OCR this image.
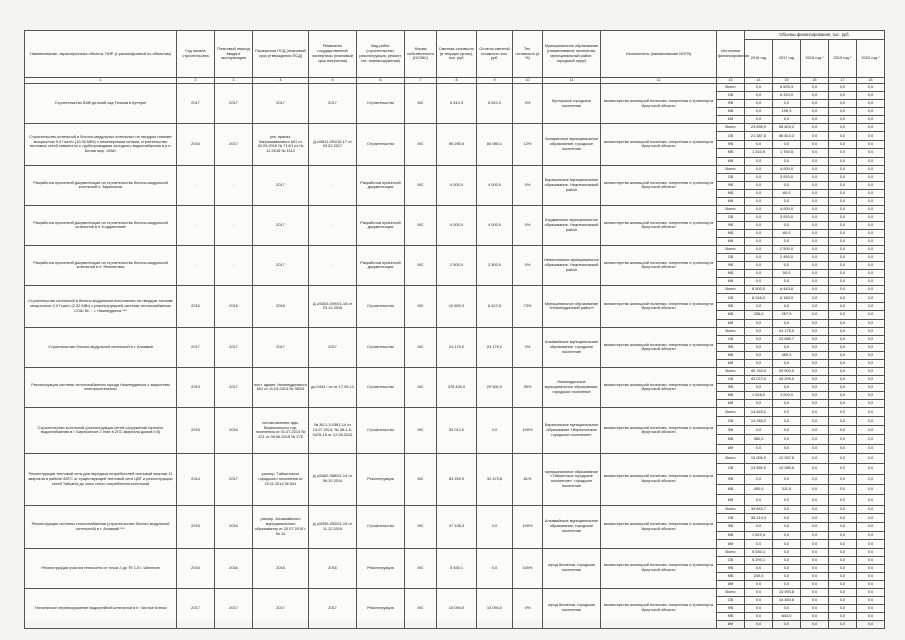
Наименование, характеристика объекта, ПИР (с расшифровкой по объектам)	Год начала строительства	Плановый период ввода в эксплуатацию	Показатели ПСД (плановый срок утверждения ПСД)	Реквизиты государственной экспертизы (плановый срок получения)	Вид работ (строительство, реконструкция, ремонт, тех. перевооружение)	Форма собственности (ОС/МС)	Сметная стоимость (в текущих ценах), тыс. руб.	Остаток сметной стоимости тыс. руб.	Тех. готовность (в %)	Муниципальное образование (наименование поселения, муниципальный район, городской округ)	Исполнитель (наименование ИОГВ)	Источники финансирования	Объемы финансирования, тыс. руб.				
													2016 год	2017 год	2018 год *	2019 год *	2020 год *
1	2	3	4	5	6	7	8	9	10	11	12	13	14	15	16	17	18
Строительство БМК детский сад Тельма в Култуке	2017	2017	2017	2017	Строительство	МС	6 510,3	6 510,3	0%	Култукское городское поселение	министерство жилищной политики, энергетики и транспорта Иркутской области	Всего	0,0	6 509,3	0,0	0,0	0,0
												ОБ	0,0	6 310,0	0,0	0,0	0,0
												ФБ	0,0	0,0	0,0	0,0	0,0
												МБ	0,0	195,3	0,0	0,0	0,0
												ИИ	0,0	0,0	0,0	0,0	0,0
Строительство котельной и блочно-модульных котельных на твердом топливе мощностью 9,0 Гкал/ч (10,46 МВт) с инженерными сетями, строительство тепловых сетей совместно с трубопроводами холодного водоснабжения в р.п. Белая мор. «БМ»	2016	2017	утв. приказ. Запрашиваемого МО от 30.09.2016 № 714/1 от № 12.2016 № 1113	Д-с/0811-091/16 17 от 03.02.2017	Строительство	МС	96 290,5	84 980,1	12%	Заларинское муниципальное образование, городское поселение	министерство жилищной политики, энергетики и транспорта Иркутской области	Всего	23 695,9	58 603,2	0,0	0,0	0,0
												ОБ	21 387,8	56 813,3	0,0	0,0	0,0
												ФБ	0,0	0,0	0,0	0,0	0,0
												МБ	1 310,9	1 760,5	0,0	0,0	0,0
												ИИ	0,0	0,0	0,0	0,0	0,0
Разработка проектной документации на строительство блочно-модульной котельной п. Бирюсинск	-	-	2017	-	Разработка проектной документации	МС	4 000,0	4 000,0	0%	Бирюсинское муниципальное образование, Нижнеиловский район	министерство жилищной политики, энергетики и транспорта Иркутской области	Всего	0,0	4 000,0	0,0	0,0	0,0
												ОБ	0,0	3 920,0	0,0	0,0	0,0
												ФБ	0,0	0,0	0,0	0,0	0,0
												МБ	0,0	80,0	0,0	0,0	0,0
												ИИ	0,0	0,0	0,0	0,0	0,0
Разработка проектной документации на строительство блочно-модульной котельной в п. Кордиинский	-	-	2017	-	Разработка проектной документации	МС	4 000,0	4 000,0	0%	Кордиинское муниципальное образование, Нижнеиловский район	министерство жилищной политики, энергетики и транспорта Иркутской области	Всего	0,0	4 000,0	0,0	0,0	0,0
												ОБ	0,0	3 920,0	0,0	0,0	0,0
												ФБ	0,0	0,0	0,0	0,0	0,0
												МБ	0,0	80,0	0,0	0,0	0,0
												ИИ	0,0	0,0	0,0	0,0	0,0
Разработка проектной документации на строительство блочно-модульной котельной в п. Невонтовск	-	-	2017	-	Разработка проектной документации	МС	2 500,0	2 500,0	0%	Невонтовское муниципальное образование, Нижнеиловский район	министерство жилищной политики, энергетики и транспорта Иркутской области	Всего	0,0	2 500,0	0,0	0,0	0,0
												ОБ	0,0	2 450,0	0,0	0,0	0,0
												ФБ	0,0	0,0	0,0	0,0	0,0
												МБ	0,0	50,0	0,0	0,0	0,0
												ИИ	0,0	0,0	0,0	0,0	0,0
Строительство котельной в блочно-модульном исполнении на твердом топливе мощностью 2,0 Гкал/ч (2,32 МВт) с реконструкцией системы теплоснабжения СОШ № ... г. Нижнеудинск ***	2016	2016	2016	Д-с/0403-049/01-16 от 23.12.2016	Строительство	МС	10 600,0	6 422,5	73%	Муниципальное образование «Нижнеудинский район»	министерство жилищной политики, энергетики и транспорта Иркутской области	Всего	8 500,0	6 443,8	0,0	0,0	0,0
												ОБ	8 245,0	6 185,9	0,0	0,0	0,0
												ФБ	0,0	0,0	0,0	0,0	0,0
												МБ	255,0	257,9	0,0	0,0	0,0
												ИИ	0,0	0,0	0,0	0,0	0,0
Строительство блочно-модульной котельной в г. Алзамай	2017	2017	2017	2017	Строительство	МС	24 175,0	24 175,0	0%	Алзамайское муниципальное образование, городское поселение	министерство жилищной политики, энергетики и транспорта Иркутской области	Всего	0,0	24 175,0	0,0	0,0	0,0
												ОБ	0,0	23 685,7	0,0	0,0	0,0
												ФБ	0,0	0,0	0,0	0,0	0,0
												МБ	0,0	489,3	0,0	0,0	0,0
												ИИ	0,0	0,0	0,0	0,0	0,0
Реконструкция системы теплоснабжения города Нижнеудинска с закрытием электрокотельных	2013	2017	пост. админ. Нижнеудинского МО от 11.03.2013 № 38/33	до 0434 / сп от 17.09.13	Строительство	МС	378 400,0	29 500,0	95%	Нижнеудинское муниципальное образование, городское поселение	министерство жилищной политики, энергетики и транспорта Иркутской области	Всего	45 764,0	29 500,0	0,0	0,0	0,0
												ОБ	43 072,0	28 209,0	0,0	0,0	0,0
												ФБ	0,0	0,0	0,0	0,0	0,0
												МБ	1 928,0	1 000,0	0,0	0,0	0,0
												ИИ	0,0	0,0	0,0	0,0	0,0
Строительство котельной (реконструкция сетей сооружений горячего водоснабжения в г. Бирюсинске 2 этап в 2ПС квартала домов и 6)	2015	2016	постановление адм. Бирюсинского гор. поселения от 01.07.2013 № 221 от 09.06.2015 № 275	№ 38-1-3-0381-14 от 14.07.2014, № 38-1-5-0476-15 от 12.08.2015	Строительство	МС	53 012,0	0,0	100%	Бирюсинское муниципальное образование «Бирюсинское городское поселение»	министерство жилищной политики, энергетики и транспорта Иркутской области	Всего	14 643,2	0,0	0,0	0,0	0,0
												ОБ	14 283,2	0,0	0,0	0,0	0,0
												ФБ	0,0	0,0	0,0	0,0	0,0
												МБ	360,0	0,0	0,0	0,0	0,0
												ИИ	0,0	0,0	0,0	0,0	0,0
Реконструкция тепловой сети для передачи потребителей тепловой энергии 11 квартала в районе ЗАТС от существующей тепловой сети ЦВТ и реконструкция сетей Тайшета до зоны тепло потребления котельной	2014	2017	распор. Тайшетского городского поселения от 15.11.2014 № 541	Д-с/0482-088/01-14 от 06.10.2014	Реконструкция	МС	84 253,9	32 473,8	61%	муниципальное образование «Тайшетское городское поселение», городское поселение	министерство жилищной политики, энергетики и транспорта Иркутской области	Всего	15 000,0	10 397,5	0,0	0,0	0,0
												ОБ	14 550,0	10 085,5	0,0	0,0	0,0
												ФБ	0,0	0,0	0,0	0,0	0,0
												МБ	450,0	311,9	0,0	0,0	0,0
												ИИ	0,0	0,0	0,0	0,0	0,0
Реконструкция системы теплоснабжения (строительство блочно-модульной котельной) в г. Алзамай ***	2015	2016	распор. Алзамайского муниципального образования от 20.07.2015 г. № 14	Д-с/0359-292/01-15 от 11.12.2015	Строительство	МС	47 108,3	0,0	100%	Алзамайское муниципальное образование, городское поселение	министерство жилищной политики, энергетики и транспорта Иркутской области	Всего	39 843,7	0,0	0,0	0,0	0,0
												ОБ	38 214,3	0,0	0,0	0,0	0,0
												ФБ	0,0	0,0	0,0	0,0	0,0
												МБ	1 629,4	0,0	0,0	0,0	0,0
												ИИ	0,0	0,0	0,0	0,0	0,0
Реконструкция участка теплосети от точки 2 до ТК 1-5 г. Шелехов	2016	2016	2016	2016	Реконструкция	МС	5 530,1	0,0	100%	город Шелехов, городское поселение	министерство жилищной политики, энергетики и транспорта Иркутской области	Всего	5 530,1	0,0	0,0	0,0	0,0
												ОБ	5 290,1	0,0	0,0	0,0	0,0
												ФБ	0,0	0,0	0,0	0,0	0,0
												МБ	240,0	0,0	0,0	0,0	0,0
												ИИ	0,0	0,0	0,0	0,0	0,0
Техническое перевооружение водогрейной котельной в п. Чистые Ключи	2017	2017	2017	2017	Реконструкция	МС	15 094,0	15 094,0	0%	город Шелехов, городское поселение	министерство жилищной политики, энергетики и транспорта Иркутской области	Всего	0,0	15 093,8	0,0	0,0	0,0
												ОБ	0,0	14 450,8	0,0	0,0	0,0
												ФБ	0,0	0,0	0,0	0,0	0,0
												МБ	0,0	643,0	0,0	0,0	0,0
												ИИ	0,0	0,0	0,0	0,0	0,0
